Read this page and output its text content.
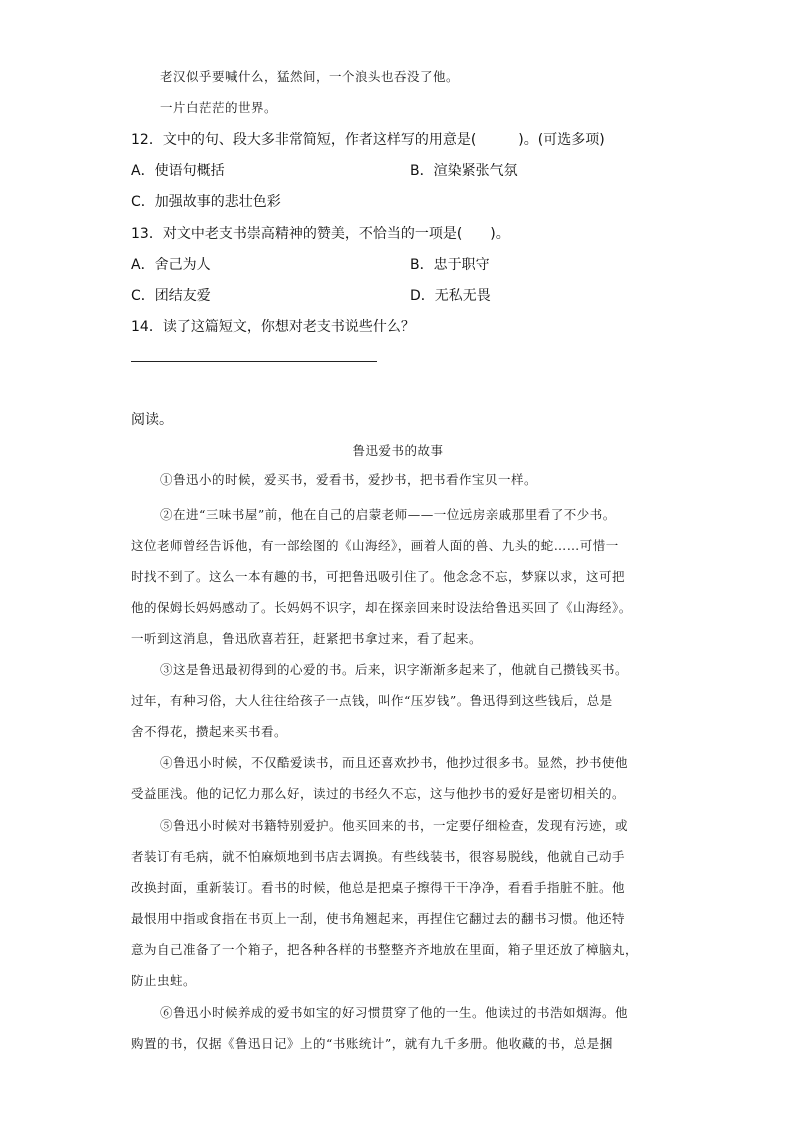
老汉似乎要喊什么，猛然间，一个浪头也吞没了他。
一片白茫茫的世界。
12．文中的句、段大多非常简短，作者这样写的用意是(　　　)。(可选多项)
A．使语句概括	B．渲染紧张气氛
C．加强故事的悲壮色彩
13．对文中老支书崇高精神的赞美，不恰当的一项是(　　)。
A．舍己为人	B．忠于职守
C．团结友爱	D．无私无畏
14．读了这篇短文，你想对老支书说些什么？
阅读。
鲁迅爱书的故事
①鲁迅小的时候，爱买书，爱看书，爱抄书，把书看作宝贝一样。
②在进“三味书屋”前，他在自己的启蒙老师——一位远房亲戚那里看了不少书。
这位老师曾经告诉他，有一部绘图的《山海经》，画着人面的兽、九头的蛇……可惜一
时找不到了。这么一本有趣的书，可把鲁迅吸引住了。他念念不忘，梦寐以求，这可把
他的保姆长妈妈感动了。长妈妈不识字，却在探亲回来时设法给鲁迅买回了《山海经》。
一听到这消息，鲁迅欣喜若狂，赶紧把书拿过来，看了起来。
③这是鲁迅最初得到的心爱的书。后来，识字渐渐多起来了，他就自己攒钱买书。
过年，有种习俗，大人往往给孩子一点钱，叫作“压岁钱”。鲁迅得到这些钱后，总是
舍不得花，攒起来买书看。
④鲁迅小时候，不仅酷爱读书，而且还喜欢抄书，他抄过很多书。显然，抄书使他
受益匪浅。他的记忆力那么好，读过的书经久不忘，这与他抄书的爱好是密切相关的。
⑤鲁迅小时候对书籍特别爱护。他买回来的书，一定要仔细检查，发现有污迹，或
者装订有毛病，就不怕麻烦地到书店去调换。有些线装书，很容易脱线，他就自己动手
改换封面，重新装订。看书的时候，他总是把桌子擦得干干净净，看看手指脏不脏。他
最恨用中指或食指在书页上一刮，使书角翘起来，再捏住它翻过去的翻书习惯。他还特
意为自己准备了一个箱子，把各种各样的书整整齐齐地放在里面，箱子里还放了樟脑丸，
防止虫蛀。
⑥鲁迅小时候养成的爱书如宝的好习惯贯穿了他的一生。他读过的书浩如烟海。他
购置的书，仅据《鲁迅日记》上的“书账统计”，就有九千多册。他收藏的书，总是捆
